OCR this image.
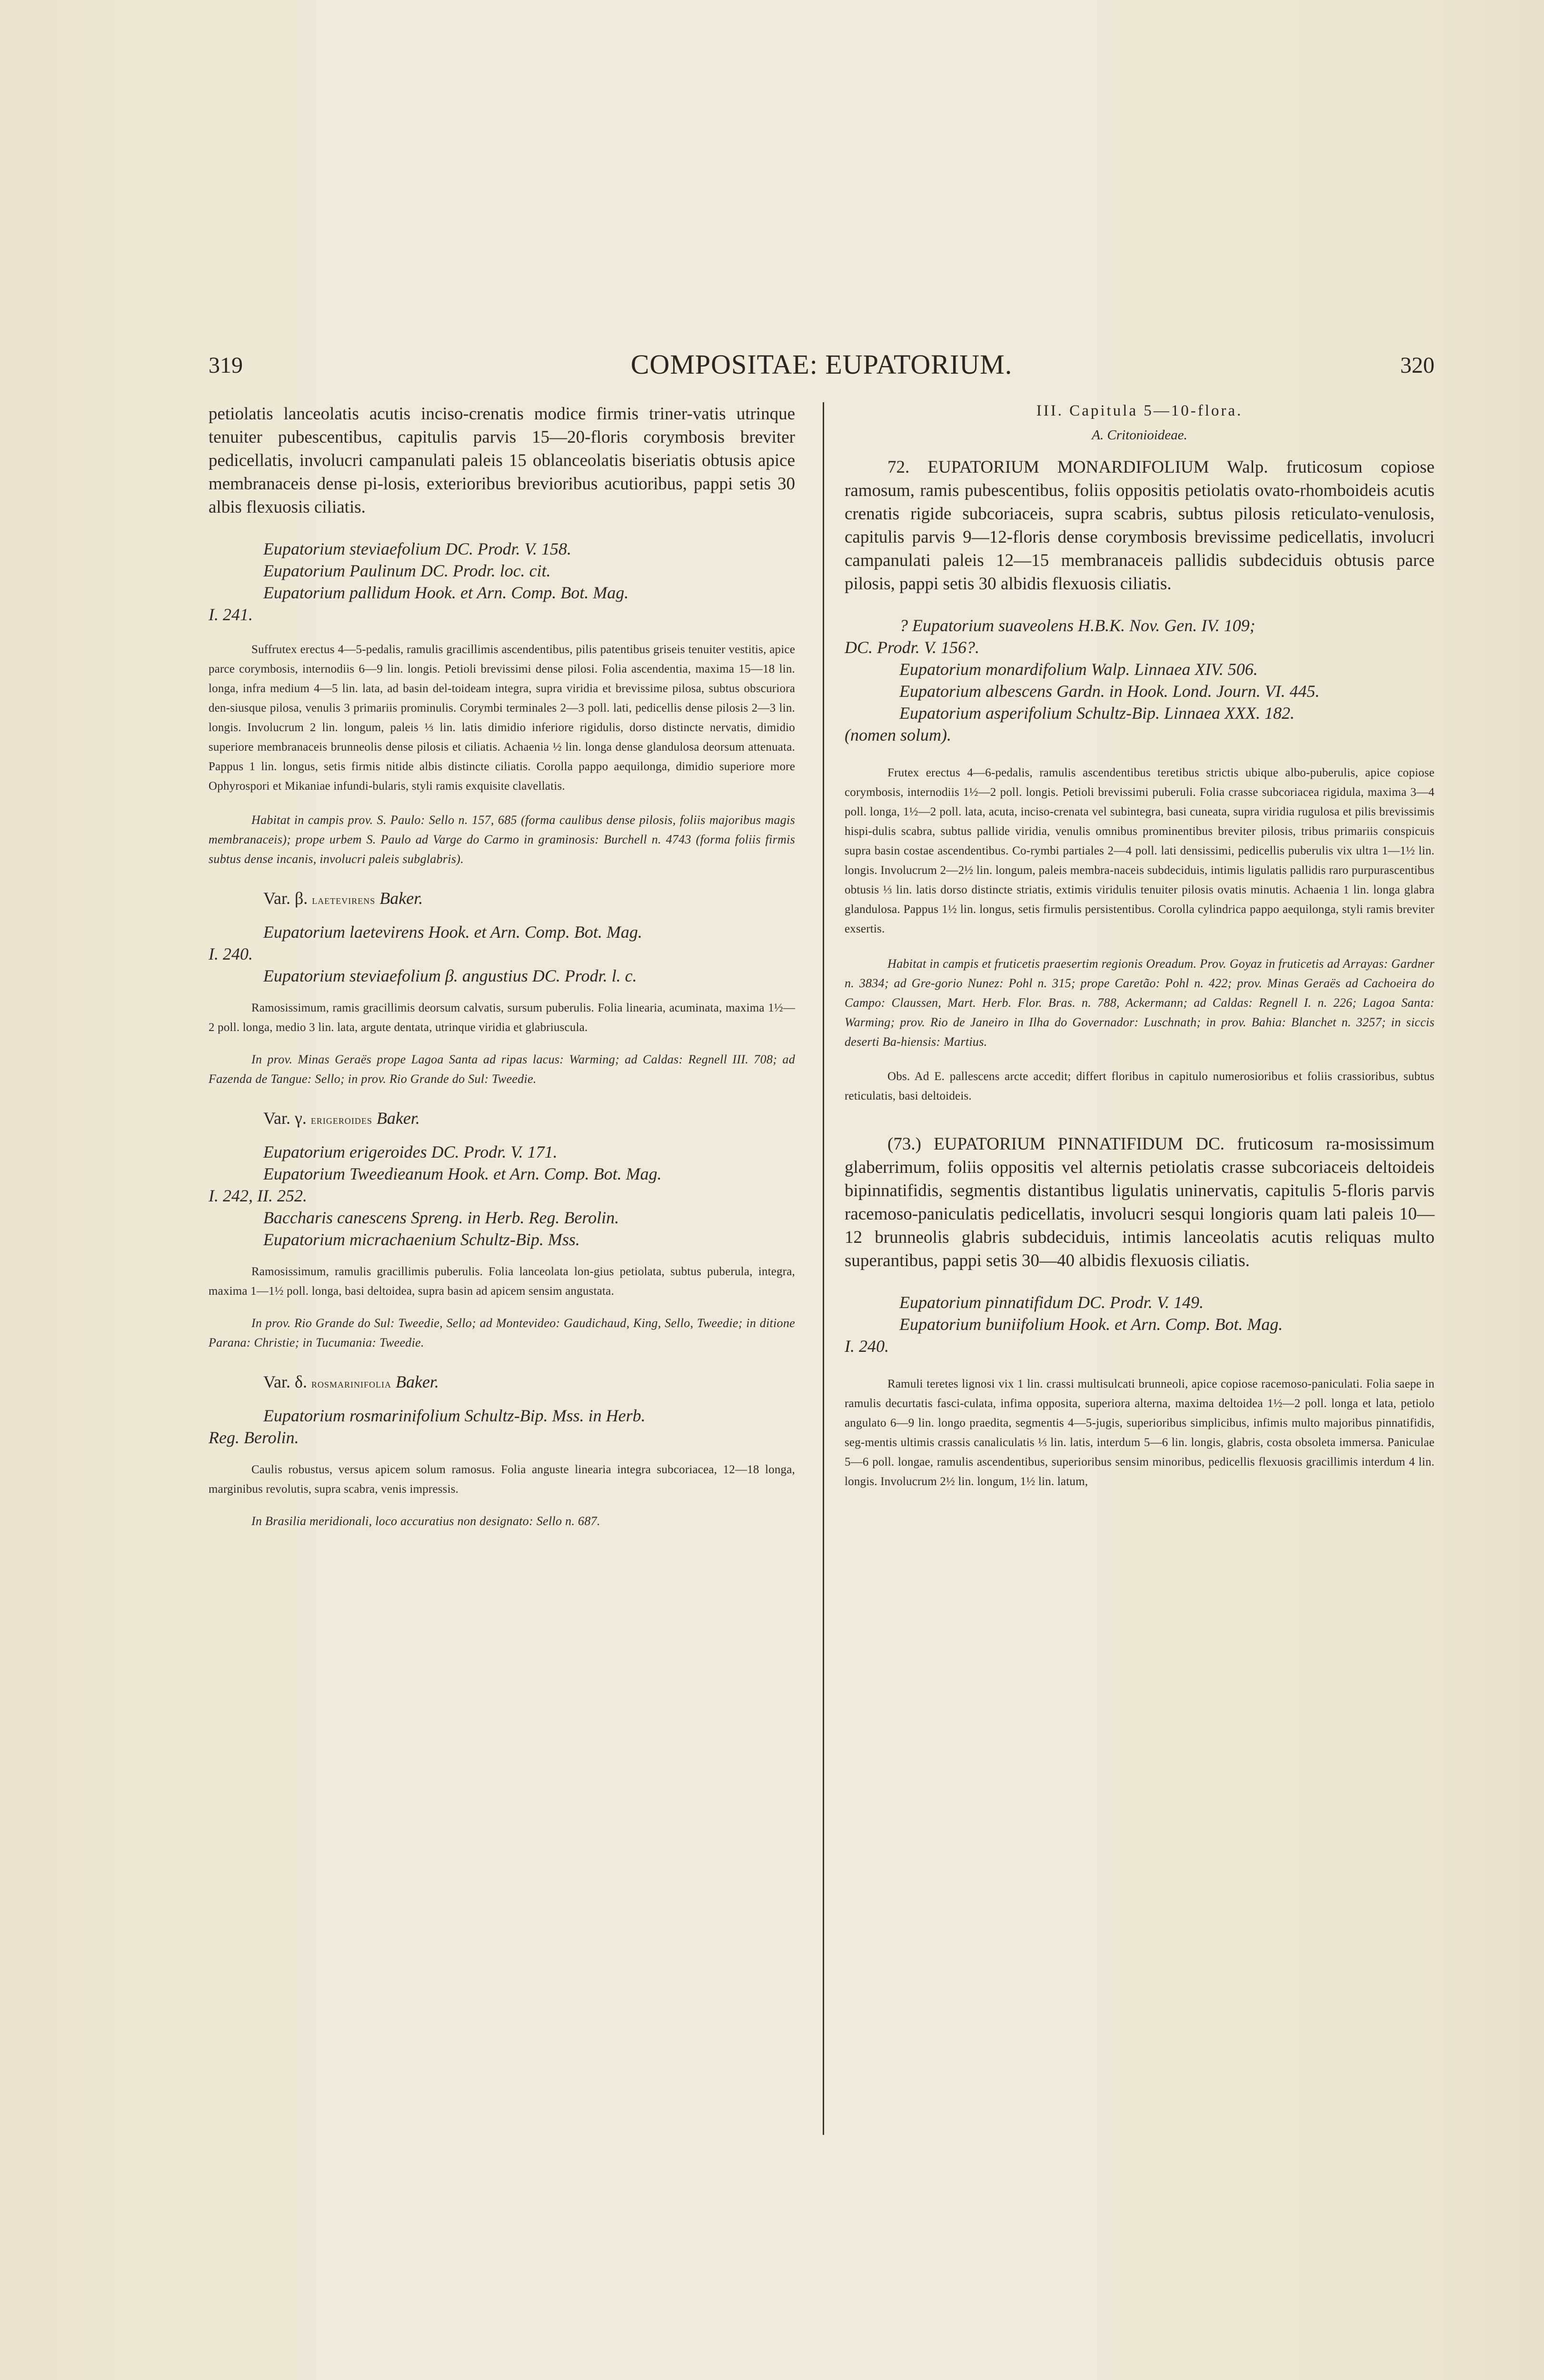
319	COMPOSITAE: EUPATORIUM.	320

petiolatis lanceolatis acutis inciso-crenatis modice firmis triner-vatis utrinque tenuiter pubescentibus, capitulis parvis 15—20-floris corymbosis breviter pedicellatis, involucri campanulati paleis 15 oblanceolatis biseriatis obtusis apice membranaceis dense pi-losis, exterioribus brevioribus acutioribus, pappi setis 30 albis flexuosis ciliatis.

Eupatorium steviaefolium DC. Prodr. V. 158.
Eupatorium Paulinum DC. Prodr. loc. cit.
Eupatorium pallidum Hook. et Arn. Comp. Bot. Mag.
I. 241.

Suffrutex erectus 4—5-pedalis, ramulis gracillimis ascendentibus, pilis patentibus griseis tenuiter vestitis, apice parce corymbosis, internodiis 6—9 lin. longis. Petioli brevissimi dense pilosi. Folia ascendentia, maxima 15—18 lin. longa, infra medium 4—5 lin. lata, ad basin del-toideam integra, supra viridia et brevissime pilosa, subtus obscuriora den-siusque pilosa, venulis 3 primariis prominulis. Corymbi terminales 2—3 poll. lati, pedicellis dense pilosis 2—3 lin. longis. Involucrum 2 lin. longum, paleis ⅓ lin. latis dimidio inferiore rigidulis, dorso distincte nervatis, dimidio superiore membranaceis brunneolis dense pilosis et ciliatis. Achaenia ½ lin. longa dense glandulosa deorsum attenuata. Pappus 1 lin. longus, setis firmis nitide albis distincte ciliatis. Corolla pappo aequilonga, dimidio superiore more Ophyrospori et Mikaniae infundi-bularis, styli ramis exquisite clavellatis.

Habitat in campis prov. S. Paulo: Sello n. 157, 685 (forma caulibus dense pilosis, foliis majoribus magis membranaceis); prope urbem S. Paulo ad Varge do Carmo in graminosis: Burchell n. 4743 (forma foliis firmis subtus dense incanis, involucri paleis subglabris).

Var. β. laetevirens Baker.
Eupatorium laetevirens Hook. et Arn. Comp. Bot. Mag.
I. 240.
Eupatorium steviaefolium β. angustius DC. Prodr. l. c.

Ramosissimum, ramis gracillimis deorsum calvatis, sursum puberulis. Folia linearia, acuminata, maxima 1½—2 poll. longa, medio 3 lin. lata, argute dentata, utrinque viridia et glabriuscula.

In prov. Minas Geraës prope Lagoa Santa ad ripas lacus: Warming; ad Caldas: Regnell III. 708; ad Fazenda de Tangue: Sello; in prov. Rio Grande do Sul: Tweedie.

Var. γ. erigeroides Baker.
Eupatorium erigeroides DC. Prodr. V. 171.
Eupatorium Tweedieanum Hook. et Arn. Comp. Bot. Mag.
I. 242, II. 252.
Baccharis canescens Spreng. in Herb. Reg. Berolin.
Eupatorium micrachaenium Schultz-Bip. Mss.

Ramosissimum, ramulis gracillimis puberulis. Folia lanceolata lon-gius petiolata, subtus puberula, integra, maxima 1—1½ poll. longa, basi deltoidea, supra basin ad apicem sensim angustata.

In prov. Rio Grande do Sul: Tweedie, Sello; ad Montevideo: Gaudichaud, King, Sello, Tweedie; in ditione Parana: Christie; in Tucumania: Tweedie.

Var. δ. rosmarinifolia Baker.
Eupatorium rosmarinifolium Schultz-Bip. Mss. in Herb.
Reg. Berolin.

Caulis robustus, versus apicem solum ramosus. Folia anguste linearia integra subcoriacea, 12—18 longa, marginibus revolutis, supra scabra, venis impressis.

In Brasilia meridionali, loco accuratius non designato: Sello n. 687.

III. Capitula 5—10-flora.
A. Critonioideae.

72. EUPATORIUM MONARDIFOLIUM Walp. fruticosum copiose ramosum, ramis pubescentibus, foliis oppositis petiolatis ovato-rhomboideis acutis crenatis rigide subcoriaceis, supra scabris, subtus pilosis reticulato-venulosis, capitulis parvis 9—12-floris dense corymbosis brevissime pedicellatis, involucri campanulati paleis 12—15 membranaceis pallidis subdeciduis obtusis parce pilosis, pappi setis 30 albidis flexuosis ciliatis.

? Eupatorium suaveolens H.B.K. Nov. Gen. IV. 109;
DC. Prodr. V. 156?.
Eupatorium monardifolium Walp. Linnaea XIV. 506.
Eupatorium albescens Gardn. in Hook. Lond. Journ. VI. 445.
Eupatorium asperifolium Schultz-Bip. Linnaea XXX. 182.
(nomen solum).

Frutex erectus 4—6-pedalis, ramulis ascendentibus teretibus strictis ubique albo-puberulis, apice copiose corymbosis, internodiis 1½—2 poll. longis. Petioli brevissimi puberuli. Folia crasse subcoriacea rigidula, maxima 3—4 poll. longa, 1½—2 poll. lata, acuta, inciso-crenata vel subintegra, basi cuneata, supra viridia rugulosa et pilis brevissimis hispi-dulis scabra, subtus pallide viridia, venulis omnibus prominentibus breviter pilosis, tribus primariis conspicuis supra basin costae ascendentibus. Co-rymbi partiales 2—4 poll. lati densissimi, pedicellis puberulis vix ultra 1—1½ lin. longis. Involucrum 2—2½ lin. longum, paleis membra-naceis subdeciduis, intimis ligulatis pallidis raro purpurascentibus obtusis ⅓ lin. latis dorso distincte striatis, extimis viridulis tenuiter pilosis ovatis minutis. Achaenia 1 lin. longa glabra glandulosa. Pappus 1½ lin. longus, setis firmulis persistentibus. Corolla cylindrica pappo aequilonga, styli ramis breviter exsertis.

Habitat in campis et fruticetis praesertim regionis Oreadum. Prov. Goyaz in fruticetis ad Arrayas: Gardner n. 3834; ad Gre-gorio Nunez: Pohl n. 315; prope Caretão: Pohl n. 422; prov. Minas Geraës ad Cachoeira do Campo: Claussen, Mart. Herb. Flor. Bras. n. 788, Ackermann; ad Caldas: Regnell I. n. 226; Lagoa Santa: Warming; prov. Rio de Janeiro in Ilha do Governador: Luschnath; in prov. Bahia: Blanchet n. 3257; in siccis deserti Ba-hiensis: Martius.

Obs. Ad E. pallescens arcte accedit; differt floribus in capitulo numerosioribus et foliis crassioribus, subtus reticulatis, basi deltoideis.

(73.) EUPATORIUM PINNATIFIDUM DC. fruticosum ra-mosissimum glaberrimum, foliis oppositis vel alternis petiolatis crasse subcoriaceis deltoideis bipinnatifidis, segmentis distantibus ligulatis uninervatis, capitulis 5-floris parvis racemoso-paniculatis pedicellatis, involucri sesqui longioris quam lati paleis 10—12 brunneolis glabris subdeciduis, intimis lanceolatis acutis reliquas multo superantibus, pappi setis 30—40 albidis flexuosis ciliatis.

Eupatorium pinnatifidum DC. Prodr. V. 149.
Eupatorium buniifolium Hook. et Arn. Comp. Bot. Mag.
I. 240.

Ramuli teretes lignosi vix 1 lin. crassi multisulcati brunneoli, apice copiose racemoso-paniculati. Folia saepe in ramulis decurtatis fasci-culata, infima opposita, superiora alterna, maxima deltoidea 1½—2 poll. longa et lata, petiolo angulato 6—9 lin. longo praedita, segmentis 4—5-jugis, superioribus simplicibus, infimis multo majoribus pinnatifidis, seg-mentis ultimis crassis canaliculatis ⅓ lin. latis, interdum 5—6 lin. longis, glabris, costa obsoleta immersa. Paniculae 5—6 poll. longae, ramulis ascendentibus, superioribus sensim minoribus, pedicellis flexuosis gracillimis interdum 4 lin. longis. Involucrum 2½ lin. longum, 1½ lin. latum,
